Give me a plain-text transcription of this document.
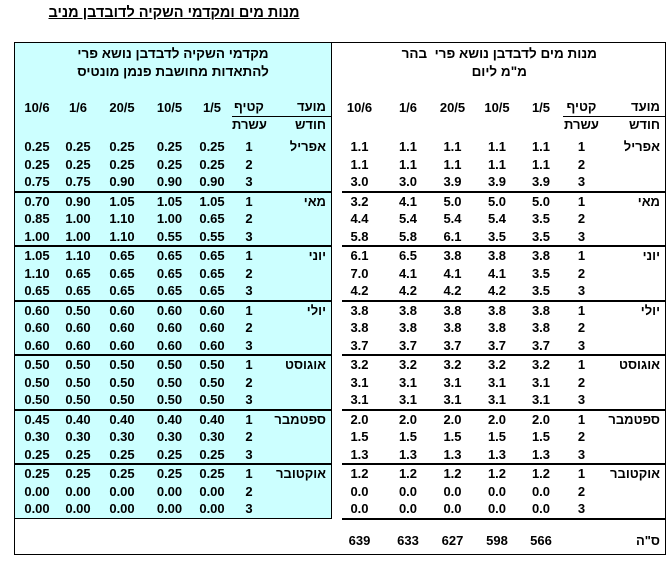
מנות מים ומקדמי השקיה לדובדבן מניב
מקדמי השקיה לדבדבן נושא פרי
להתאדות מחושבת פנמן מונטיס
10/6	1/6	20/5	10/5	1/5	קטיף	מועד
עשרת	חודש
0.25	0.25	0.25	0.25	0.25	1	אפריל
0.25	0.25	0.25	0.25	0.25	2
0.75	0.75	0.90	0.90	0.90	3
0.70	0.90	1.05	1.05	1.05	1	מאי
0.85	1.00	1.10	1.00	0.65	2
1.00	1.00	1.10	0.55	0.55	3
1.05	1.10	0.65	0.65	0.65	1	יוני
1.10	0.65	0.65	0.65	0.65	2
0.65	0.65	0.65	0.65	0.65	3
0.60	0.50	0.60	0.60	0.60	1	יולי
0.60	0.60	0.60	0.60	0.60	2
0.60	0.60	0.60	0.60	0.60	3
0.50	0.50	0.50	0.50	0.50	1	אוגוסט
0.50	0.50	0.50	0.50	0.50	2
0.50	0.50	0.50	0.50	0.50	3
0.45	0.40	0.40	0.40	0.40	1	ספטמבר
0.30	0.30	0.30	0.30	0.30	2
0.25	0.25	0.25	0.25	0.25	3
0.25	0.25	0.25	0.25	0.25	1	אוקטובר
0.00	0.00	0.00	0.00	0.00	2
0.00	0.00	0.00	0.00	0.00	3
מנות מים לדבדבן נושא פרי  בהר
מ"מ ליום
10/6	1/6	20/5	10/5	1/5	קטיף	מועד
עשרת	חודש
1.1	1.1	1.1	1.1	1.1	1	אפריל
1.1	1.1	1.1	1.1	1.1	2
3.0	3.0	3.9	3.9	3.9	3
3.2	4.1	5.0	5.0	5.0	1	מאי
4.4	5.4	5.4	5.4	3.5	2
5.8	5.8	6.1	3.5	3.5	3
6.1	6.5	3.8	3.8	3.8	1	יוני
7.0	4.1	4.1	4.1	3.5	2
4.2	4.2	4.2	4.2	3.5	3
3.8	3.8	3.8	3.8	3.8	1	יולי
3.8	3.8	3.8	3.8	3.8	2
3.7	3.7	3.7	3.7	3.7	3
3.2	3.2	3.2	3.2	3.2	1	אוגוסט
3.1	3.1	3.1	3.1	3.1	2
3.1	3.1	3.1	3.1	3.1	3
2.0	2.0	2.0	2.0	2.0	1	ספטמבר
1.5	1.5	1.5	1.5	1.5	2
1.3	1.3	1.3	1.3	1.3	3
1.2	1.2	1.2	1.2	1.2	1	אוקטובר
0.0	0.0	0.0	0.0	0.0	2
0.0	0.0	0.0	0.0	0.0	3
639	633	627	598	566	ס"ה
